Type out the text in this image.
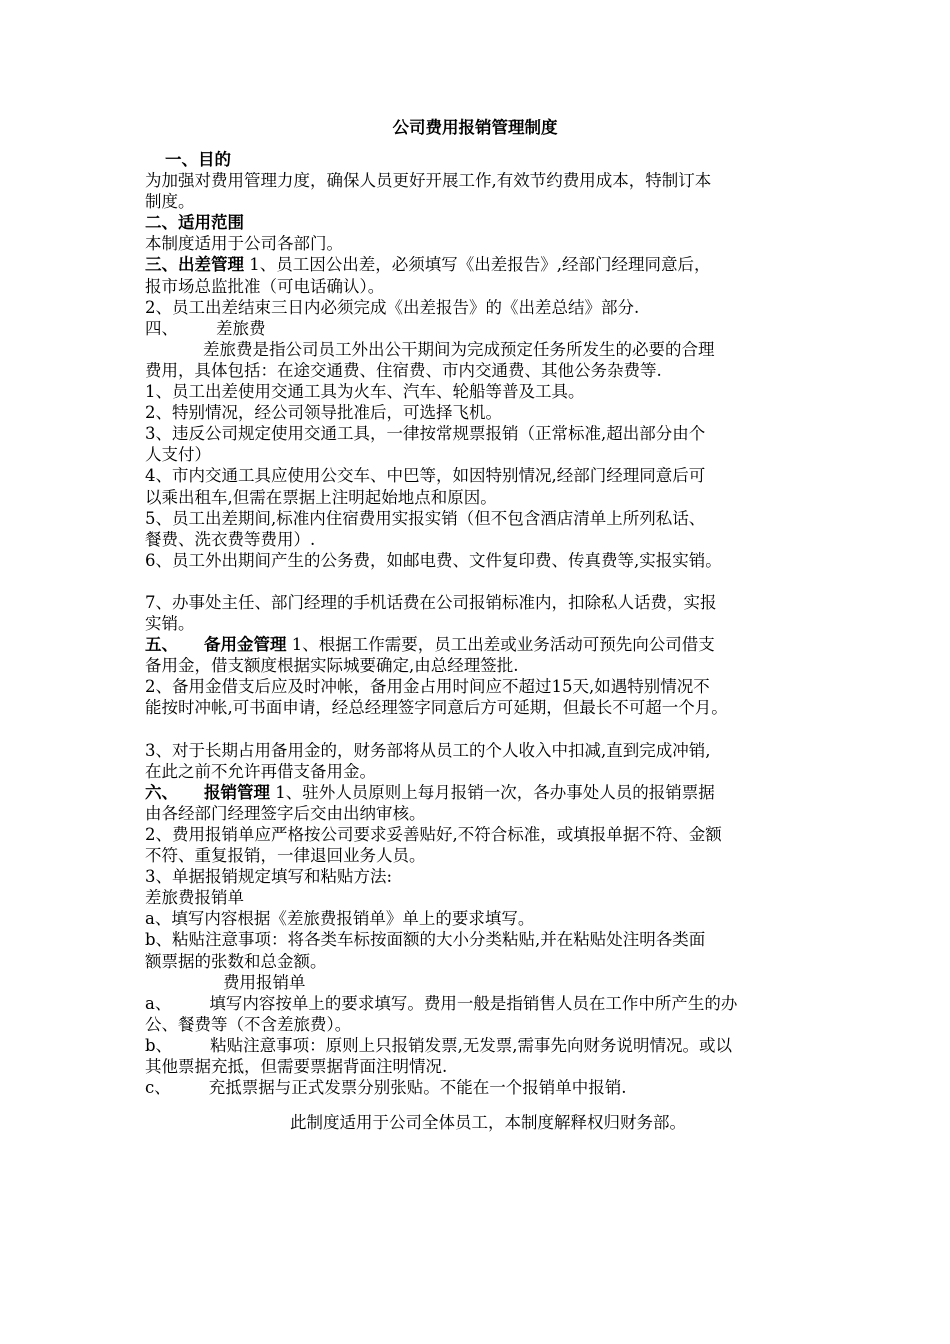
公司费用报销管理制度
一、目的
为加强对费用管理力度，确保人员更好开展工作,有效节约费用成本，特制订本
制度。
二、适用范围
本制度适用于公司各部门。
三、出差管理 1、员工因公出差，必须填写《出差报告》,经部门经理同意后，
报市场总监批准（可电话确认）。
2、员工出差结束三日内必须完成《出差报告》的《出差总结》部分.
四、 差旅费
差旅费是指公司员工外出公干期间为完成预定任务所发生的必要的合理
费用，具体包括：在途交通费、住宿费、市内交通费、其他公务杂费等.
1、员工出差使用交通工具为火车、汽车、轮船等普及工具。
2、特别情况，经公司领导批准后，可选择飞机。
3、违反公司规定使用交通工具，一律按常规票报销（正常标准,超出部分由个
人支付）
4、市内交通工具应使用公交车、中巴等，如因特别情况,经部门经理同意后可
以乘出租车,但需在票据上注明起始地点和原因。
5、员工出差期间,标准内住宿费用实报实销（但不包含酒店清单上所列私话、
餐费、洗衣费等费用）.
6、员工外出期间产生的公务费，如邮电费、文件复印费、传真费等,实报实销。
7、办事处主任、部门经理的手机话费在公司报销标准内，扣除私人话费，实报
实销。
五、 备用金管理 1、根据工作需要，员工出差或业务活动可预先向公司借支
备用金，借支额度根据实际城要确定,由总经理签批.
2、备用金借支后应及时冲帐，备用金占用时间应不超过15天,如遇特别情况不
能按时冲帐,可书面申请，经总经理签字同意后方可延期，但最长不可超一个月。
3、对于长期占用备用金的，财务部将从员工的个人收入中扣减,直到完成冲销,
在此之前不允许再借支备用金。
六、 报销管理 1、驻外人员原则上每月报销一次，各办事处人员的报销票据
由各经部门经理签字后交由出纳审核。
2、费用报销单应严格按公司要求妥善贴好,不符合标准，或填报单据不符、金额
不符、重复报销，一律退回业务人员。
3、单据报销规定填写和粘贴方法:
差旅费报销单
a、填写内容根据《差旅费报销单》单上的要求填写。
b、粘贴注意事项：将各类车标按面额的大小分类粘贴,并在粘贴处注明各类面
额票据的张数和总金额。
费用报销单
a、 填写内容按单上的要求填写。费用一般是指销售人员在工作中所产生的办
公、餐费等（不含差旅费）。
b、 粘贴注意事项：原则上只报销发票,无发票,需事先向财务说明情况。或以
其他票据充抵，但需要票据背面注明情况.
c、 充抵票据与正式发票分别张贴。不能在一个报销单中报销.
此制度适用于公司全体员工，本制度解释权归财务部。
